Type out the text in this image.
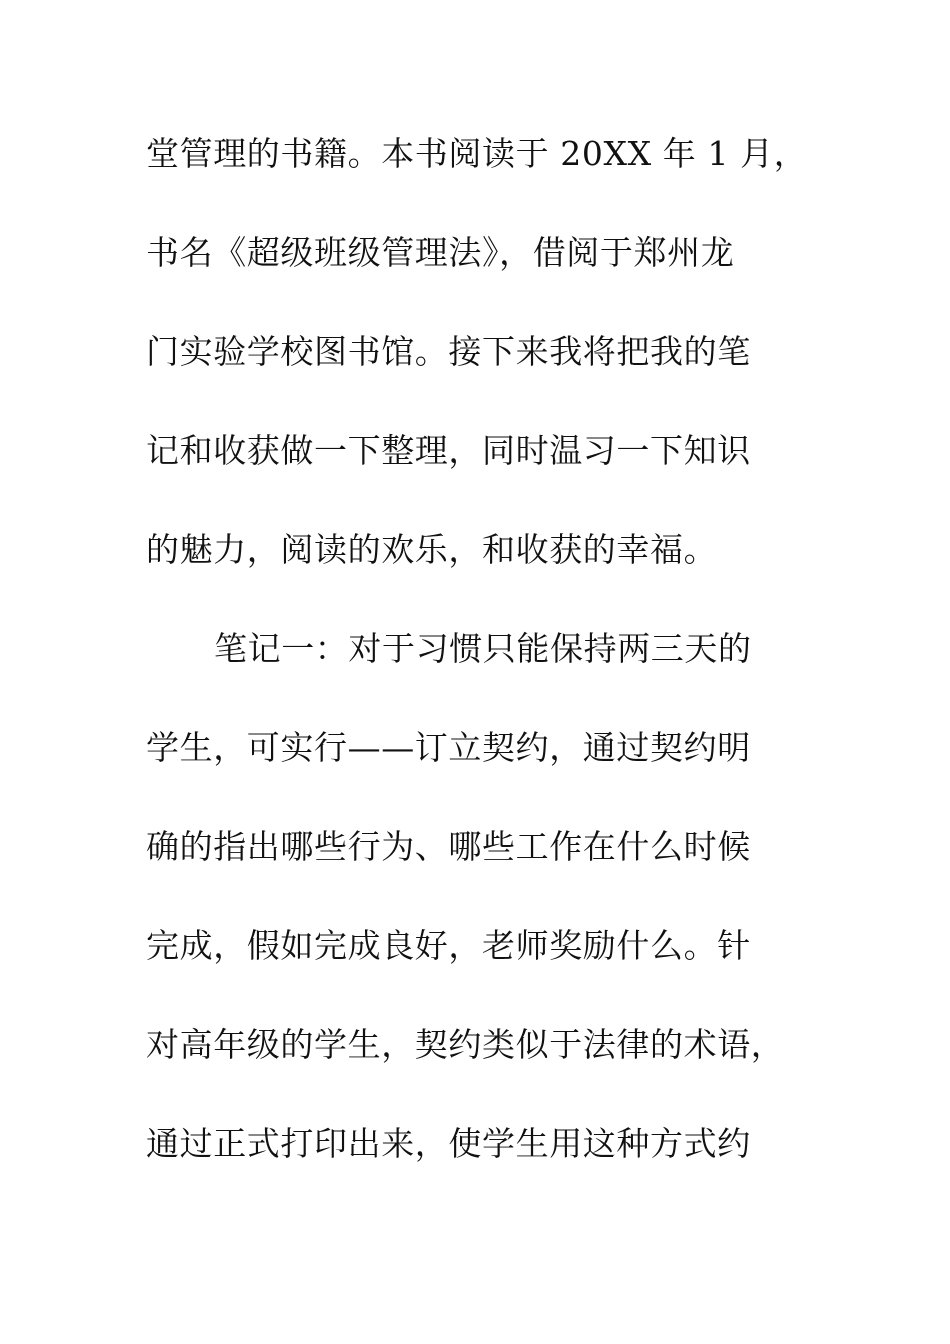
堂管理的书籍。本书阅读于 20XX 年 1 月，
书名《超级班级管理法》，借阅于郑州龙
门实验学校图书馆。接下来我将把我的笔
记和收获做一下整理，同时温习一下知识
的魅力，阅读的欢乐，和收获的幸福。
笔记一：对于习惯只能保持两三天的
学生，可实行——订立契约，通过契约明
确的指出哪些行为、哪些工作在什么时候
完成，假如完成良好，老师奖励什么。针
对高年级的学生，契约类似于法律的术语，
通过正式打印出来，使学生用这种方式约
